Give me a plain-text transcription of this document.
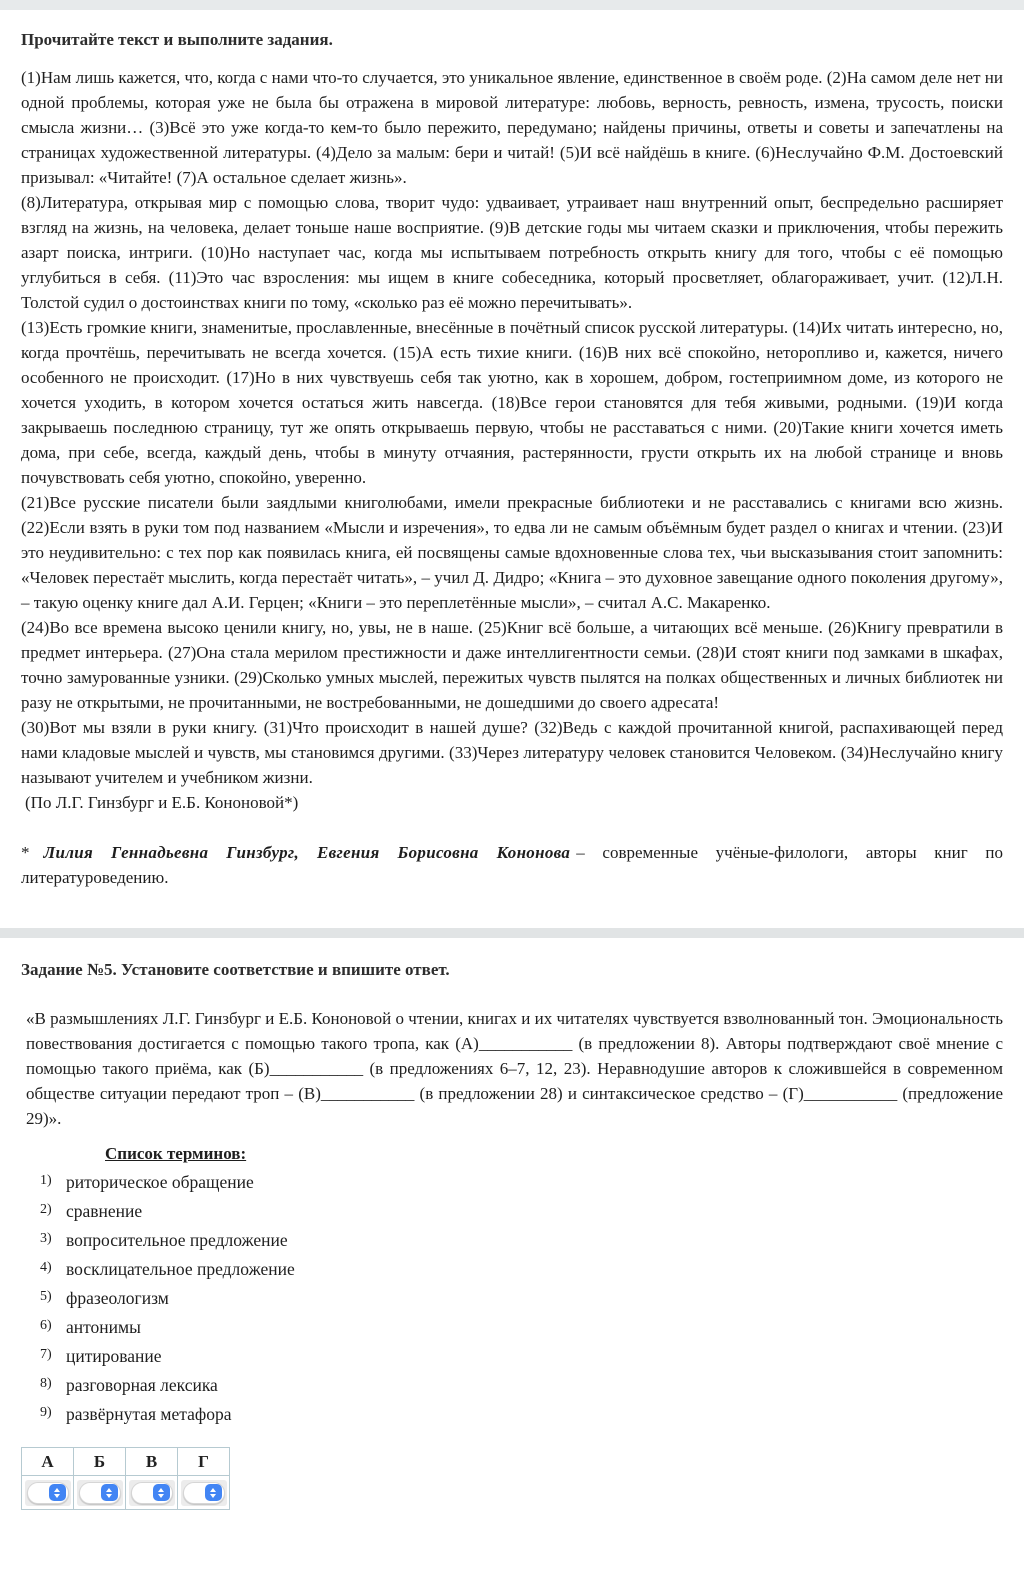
Прочитайте текст и выполните задания.

(1)Нам лишь кажется, что, когда с нами что-то случается, это уникальное явление, единственное в своём роде. (2)На самом деле нет ни одной проблемы, которая уже не была бы отражена в мировой литературе: любовь, верность, ревность, измена, трусость, поиски смысла жизни… (3)Всё это уже когда-то кем-то было пережито, передумано; найдены причины, ответы и советы и запечатлены на страницах художественной литературы. (4)Дело за малым: бери и читай! (5)И всё найдёшь в книге. (6)Неслучайно Ф.М. Достоевский призывал: «Читайте! (7)А остальное сделает жизнь».

(8)Литература, открывая мир с помощью слова, творит чудо: удваивает, утраивает наш внутренний опыт, беспредельно расширяет взгляд на жизнь, на человека, делает тоньше наше восприятие. (9)В детские годы мы читаем сказки и приключения, чтобы пережить азарт поиска, интриги. (10)Но наступает час, когда мы испытываем потребность открыть книгу для того, чтобы с её помощью углубиться в себя. (11)Это час взросления: мы ищем в книге собеседника, который просветляет, облагораживает, учит. (12)Л.Н. Толстой судил о достоинствах книги по тому, «сколько раз её можно перечитывать».

(13)Есть громкие книги, знаменитые, прославленные, внесённые в почётный список русской литературы. (14)Их читать интересно, но, когда прочтёшь, перечитывать не всегда хочется. (15)А есть тихие книги. (16)В них всё спокойно, неторопливо и, кажется, ничего особенного не происходит. (17)Но в них чувствуешь себя так уютно, как в хорошем, добром, гостеприимном доме, из которого не хочется уходить, в котором хочется остаться жить навсегда. (18)Все герои становятся для тебя живыми, родными. (19)И когда закрываешь последнюю страницу, тут же опять открываешь первую, чтобы не расставаться с ними. (20)Такие книги хочется иметь дома, при себе, всегда, каждый день, чтобы в минуту отчаяния, растерянности, грусти открыть их на любой странице и вновь почувствовать себя уютно, спокойно, уверенно.

(21)Все русские писатели были заядлыми книголюбами, имели прекрасные библиотеки и не расставались с книгами всю жизнь. (22)Если взять в руки том под названием «Мысли и изречения», то едва ли не самым объёмным будет раздел о книгах и чтении. (23)И это неудивительно: с тех пор как появилась книга, ей посвящены самые вдохновенные слова тех, чьи высказывания стоит запомнить: «Человек перестаёт мыслить, когда перестаёт читать», – учил Д. Дидро; «Книга – это духовное завещание одного поколения другому», – такую оценку книге дал А.И. Герцен; «Книги – это переплетённые мысли», – считал А.С. Макаренко.

(24)Во все времена высоко ценили книгу, но, увы, не в наше. (25)Книг всё больше, а читающих всё меньше. (26)Книгу превратили в предмет интерьера. (27)Она стала мерилом престижности и даже интеллигентности семьи. (28)И стоят книги под замками в шкафах, точно замурованные узники. (29)Сколько умных мыслей, пережитых чувств пылятся на полках общественных и личных библиотек ни разу не открытыми, не прочитанными, не востребованными, не дошедшими до своего адресата!

(30)Вот мы взяли в руки книгу. (31)Что происходит в нашей душе? (32)Ведь с каждой прочитанной книгой, распахивающей перед нами кладовые мыслей и чувств, мы становимся другими. (33)Через литературу человек становится Человеком. (34)Неслучайно книгу называют учителем и учебником жизни.

(По Л.Г. Гинзбург и Е.Б. Кононовой*)

* Лилия Геннадьевна Гинзбург, Евгения Борисовна Кононова – современные учёные-филологи, авторы книг по литературоведению.

Задание №5. Установите соответствие и впишите ответ.

«В размышлениях Л.Г. Гинзбург и Е.Б. Кононовой о чтении, книгах и их читателях чувствуется взволнованный тон. Эмоциональность повествования достигается с помощью такого тропа, как (А)___________ (в предложении 8). Авторы подтверждают своё мнение с помощью такого приёма, как (Б)___________ (в предложениях 6–7, 12, 23). Неравнодушие авторов к сложившейся в современном обществе ситуации передают троп – (В)___________ (в предложении 28) и синтаксическое средство – (Г)___________ (предложение 29)».

Список терминов:
1) риторическое обращение
2) сравнение
3) вопросительное предложение
4) восклицательное предложение
5) фразеологизм
6) антонимы
7) цитирование
8) разговорная лексика
9) развёрнутая метафора
А	Б	В	Г
